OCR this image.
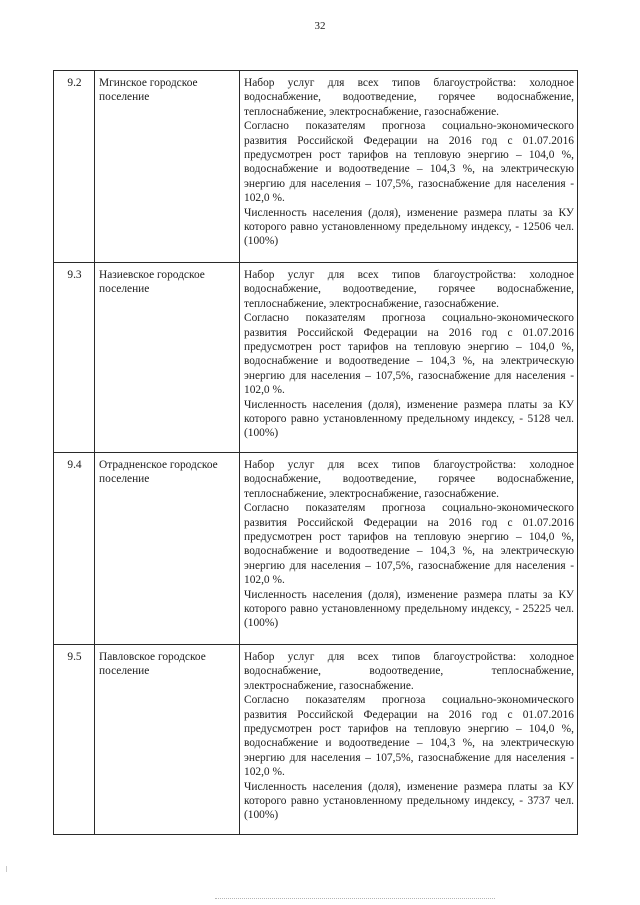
32
9.2	Мгинское городское поселение	Набор услуг для всех типов благоустройства: холодное водоснабжение, водоотведение, горячее водоснабжение, теплоснабжение, электроснабжение, газоснабжение.

Согласно показателям прогноза социально-экономического развития Российской Федерации на 2016 год с 01.07.2016 предусмотрен рост тарифов на тепловую энергию – 104,0 %, водоснабжение и водоотведение – 104,3 %, на электрическую энергию для населения – 107,5%, газоснабжение для населения - 102,0 %.

Численность населения (доля), изменение размера платы за КУ которого равно установленному предельному индексу, - 12506 чел. (100%)

9.3	Назиевское городское поселение	Набор услуг для всех типов благоустройства: холодное водоснабжение, водоотведение, горячее водоснабжение, теплоснабжение, электроснабжение, газоснабжение.

Согласно показателям прогноза социально-экономического развития Российской Федерации на 2016 год с 01.07.2016 предусмотрен рост тарифов на тепловую энергию – 104,0 %, водоснабжение и водоотведение – 104,3 %, на электрическую энергию для населения – 107,5%, газоснабжение для населения - 102,0 %.

Численность населения (доля), изменение размера платы за КУ которого равно установленному предельному индексу, - 5128 чел. (100%)

9.4	Отрадненское городское поселение	Набор услуг для всех типов благоустройства: холодное водоснабжение, водоотведение, горячее водоснабжение, теплоснабжение, электроснабжение, газоснабжение.

Согласно показателям прогноза социально-экономического развития Российской Федерации на 2016 год с 01.07.2016 предусмотрен рост тарифов на тепловую энергию – 104,0 %, водоснабжение и водоотведение – 104,3 %, на электрическую энергию для населения – 107,5%, газоснабжение для населения - 102,0 %.

Численность населения (доля), изменение размера платы за КУ которого равно установленному предельному индексу, - 25225 чел. (100%)

9.5	Павловское городское поселение	Набор услуг для всех типов благоустройства: холодное водоснабжение, водоотведение, теплоснабжение, электроснабжение, газоснабжение.

Согласно показателям прогноза социально-экономического развития Российской Федерации на 2016 год с 01.07.2016 предусмотрен рост тарифов на тепловую энергию – 104,0 %, водоснабжение и водоотведение – 104,3 %, на электрическую энергию для населения – 107,5%, газоснабжение для населения - 102,0 %.

Численность населения (доля), изменение размера платы за КУ которого равно установленному предельному индексу, - 3737 чел. (100%)
